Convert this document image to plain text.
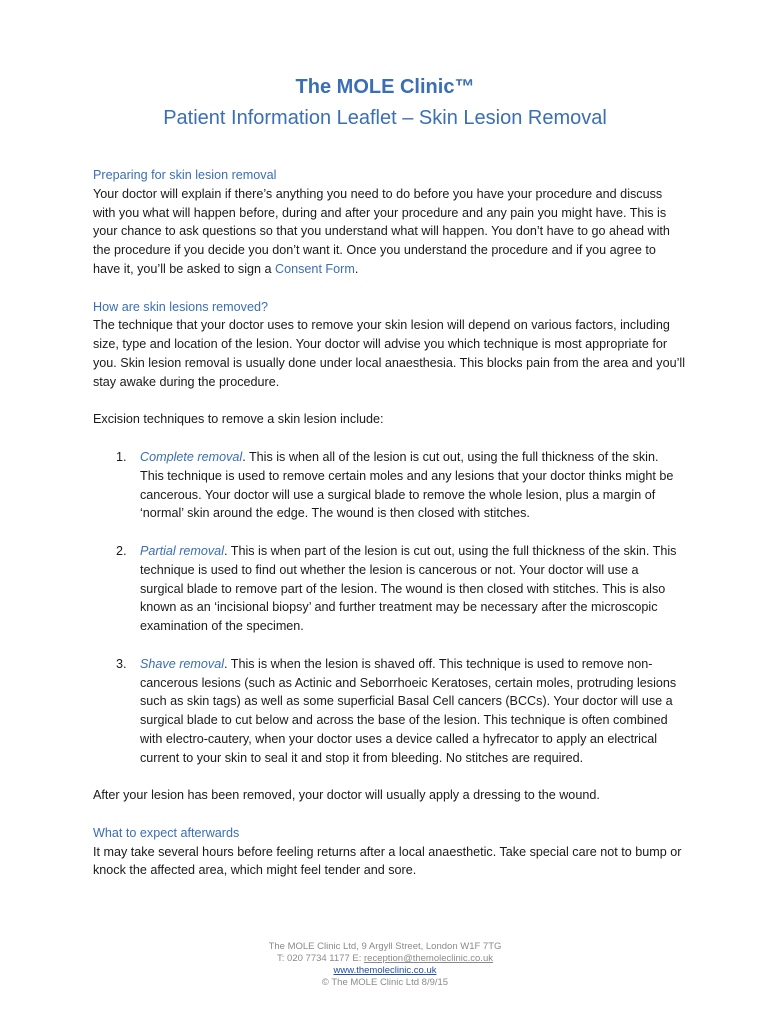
The MOLE Clinic™
Patient Information Leaflet – Skin Lesion Removal
Preparing for skin lesion removal

Your doctor will explain if there’s anything you need to do before you have your procedure and discuss with you what will happen before, during and after your procedure and any pain you might have. This is your chance to ask questions so that you understand what will happen. You don’t have to go ahead with the procedure if you decide you don’t want it. Once you understand the procedure and if you agree to have it, you’ll be asked to sign a Consent Form.

How are skin lesions removed?

The technique that your doctor uses to remove your skin lesion will depend on various factors, including size, type and location of the lesion. Your doctor will advise you which technique is most appropriate for you. Skin lesion removal is usually done under local anaesthesia. This blocks pain from the area and you’ll stay awake during the procedure.

Excision techniques to remove a skin lesion include:

1. Complete removal. This is when all of the lesion is cut out, using the full thickness of the skin. This technique is used to remove certain moles and any lesions that your doctor thinks might be cancerous. Your doctor will use a surgical blade to remove the whole lesion, plus a margin of ‘normal’ skin around the edge. The wound is then closed with stitches.
2. Partial removal. This is when part of the lesion is cut out, using the full thickness of the skin. This technique is used to find out whether the lesion is cancerous or not. Your doctor will use a surgical blade to remove part of the lesion. The wound is then closed with stitches. This is also known as an ‘incisional biopsy’ and further treatment may be necessary after the microscopic examination of the specimen.
3. Shave removal. This is when the lesion is shaved off. This technique is used to remove non-cancerous lesions (such as Actinic and Seborrhoeic Keratoses, certain moles, protruding lesions such as skin tags) as well as some superficial Basal Cell cancers (BCCs). Your doctor will use a surgical blade to cut below and across the base of the lesion. This technique is often combined with electro-cautery, when your doctor uses a device called a hyfrecator to apply an electrical current to your skin to seal it and stop it from bleeding. No stitches are required.

After your lesion has been removed, your doctor will usually apply a dressing to the wound.

What to expect afterwards

It may take several hours before feeling returns after a local anaesthetic. Take special care not to bump or knock the affected area, which might feel tender and sore.

The MOLE Clinic Ltd, 9 Argyll Street, London W1F 7TG
T: 020 7734 1177 E: reception@themoleclinic.co.uk
www.themoleclinic.co.uk
© The MOLE Clinic Ltd 8/9/15
